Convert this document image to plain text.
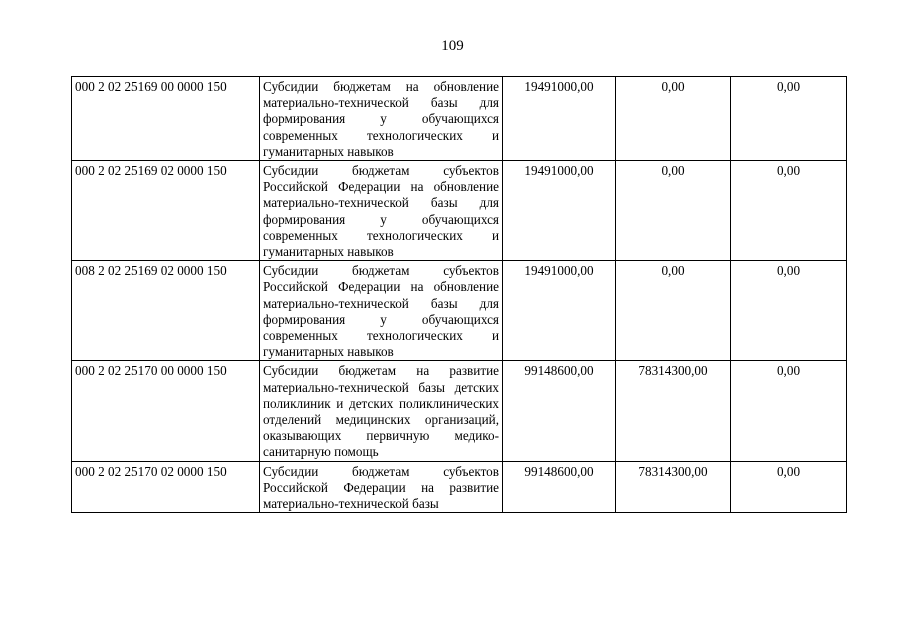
109
000 2 02 25169 00 0000 150	Субсидии бюджетам на обновление материально-технической базы для формирования у обучающихся современных технологических и гуманитарных навыков	19491000,00	0,00	0,00
000 2 02 25169 02 0000 150	Субсидии бюджетам субъектов Российской Федерации на обновление материально-технической базы для формирования у обучающихся современных технологических и гуманитарных навыков	19491000,00	0,00	0,00
008 2 02 25169 02 0000 150	Субсидии бюджетам субъектов Российской Федерации на обновление материально-технической базы для формирования у обучающихся современных технологических и гуманитарных навыков	19491000,00	0,00	0,00
000 2 02 25170 00 0000 150	Субсидии бюджетам на развитие материально-технической базы детских поликлиник и детских поликлинических отделений медицинских организаций, оказывающих первичную медико-санитарную помощь	99148600,00	78314300,00	0,00
000 2 02 25170 02 0000 150	Субсидии бюджетам субъектов Российской Федерации на развитие материально-технической базы	99148600,00	78314300,00	0,00
